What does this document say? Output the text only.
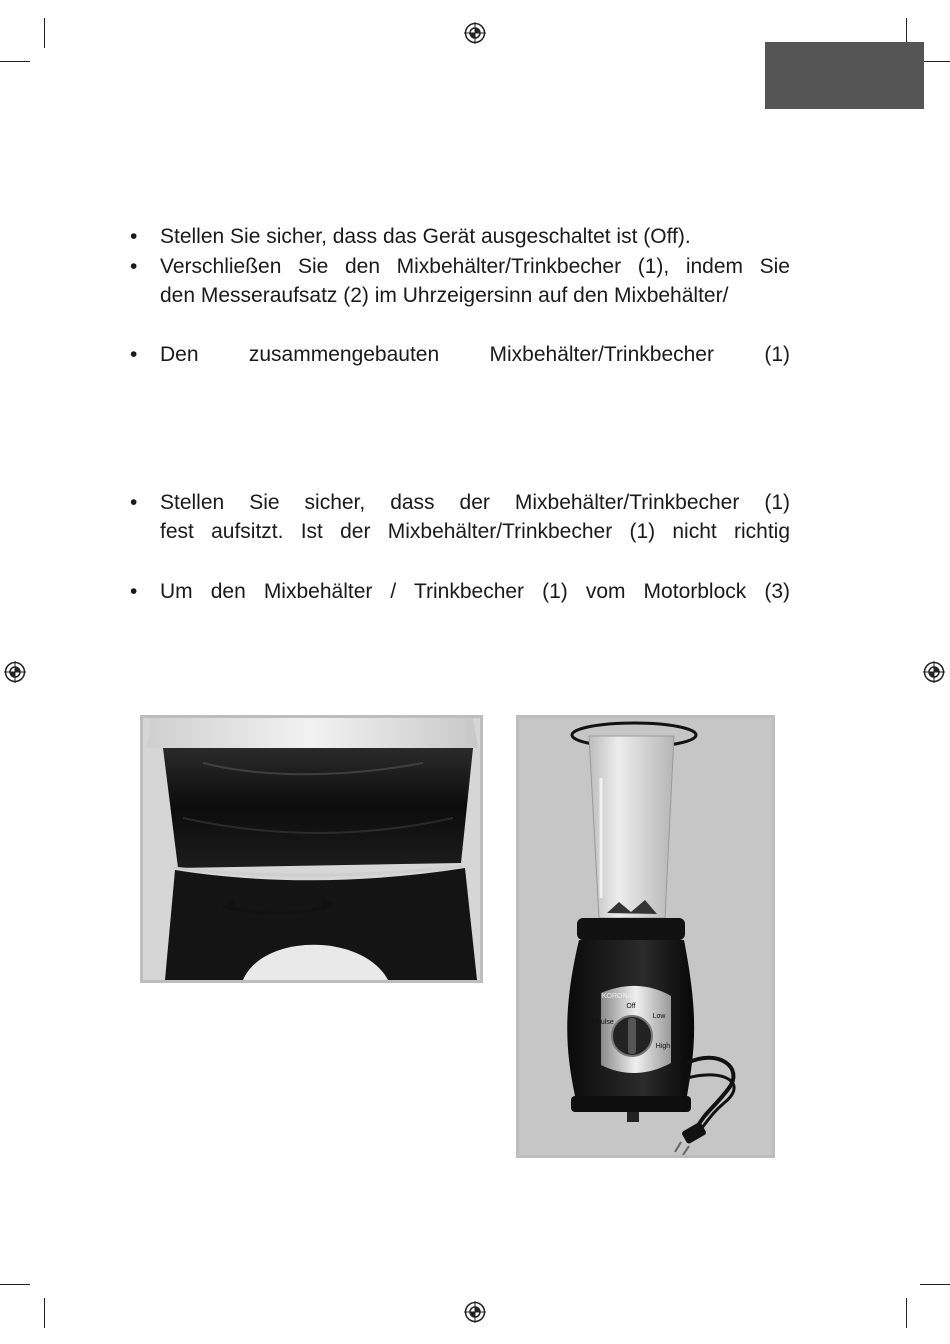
•	Stellen Sie sicher, dass das Gerät ausgeschaltet ist (Off).
•	Verschließen Sie den Mixbehälter/Trinkbecher (1), indem Sie
den Messeraufsatz (2) im Uhrzeigersinn auf den Mixbehälter/
•	Den zusammengebauten Mixbehälter/Trinkbecher (1)
•	Stellen Sie sicher, dass der Mixbehälter/Trinkbecher (1)
fest aufsitzt. Ist der Mixbehälter/Trinkbecher (1) nicht richtig
•	Um den Mixbehälter / Trinkbecher (1) vom Motorblock (3)
Off
Low
High
Pulse
KORONA
